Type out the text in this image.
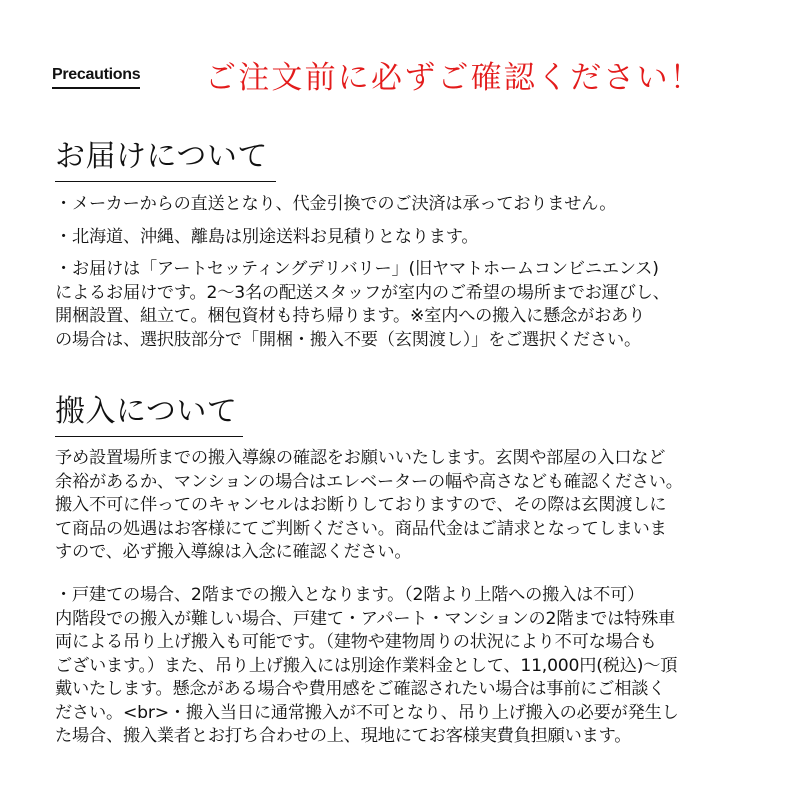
Precautions ご注文前に必ずご確認ください！
お届けについて
・メーカーからの直送となり、代金引換でのご決済は承っておりません。
・北海道、沖縄、離島は別途送料お見積りとなります。
・お届けは「アートセッティングデリバリー」(旧ヤマトホームコンビニエンス)
によるお届けです。2〜3名の配送スタッフが室内のご希望の場所までお運びし、
開梱設置、組立て。梱包資材も持ち帰ります。※室内への搬入に懸念がおあり
の場合は、選択肢部分で「開梱・搬入不要（玄関渡し）」をご選択ください。
搬入について
予め設置場所までの搬入導線の確認をお願いいたします。玄関や部屋の入口など
余裕があるか、マンションの場合はエレベーターの幅や高さなども確認ください。
搬入不可に伴ってのキャンセルはお断りしておりますので、その際は玄関渡しに
て商品の処遇はお客様にてご判断ください。商品代金はご請求となってしまいま
すので、必ず搬入導線は入念に確認ください。
・戸建ての場合、2階までの搬入となります。（2階より上階への搬入は不可）
内階段での搬入が難しい場合、戸建て・アパート・マンションの2階までは特殊車
両による吊り上げ搬入も可能です。（建物や建物周りの状況により不可な場合も
ございます。）また、吊り上げ搬入には別途作業料金として、11,000円(税込)〜頂
戴いたします。懸念がある場合や費用感をご確認されたい場合は事前にご相談く
ださい。<br>・搬入当日に通常搬入が不可となり、吊り上げ搬入の必要が発生し
た場合、搬入業者とお打ち合わせの上、現地にてお客様実費負担願います。
